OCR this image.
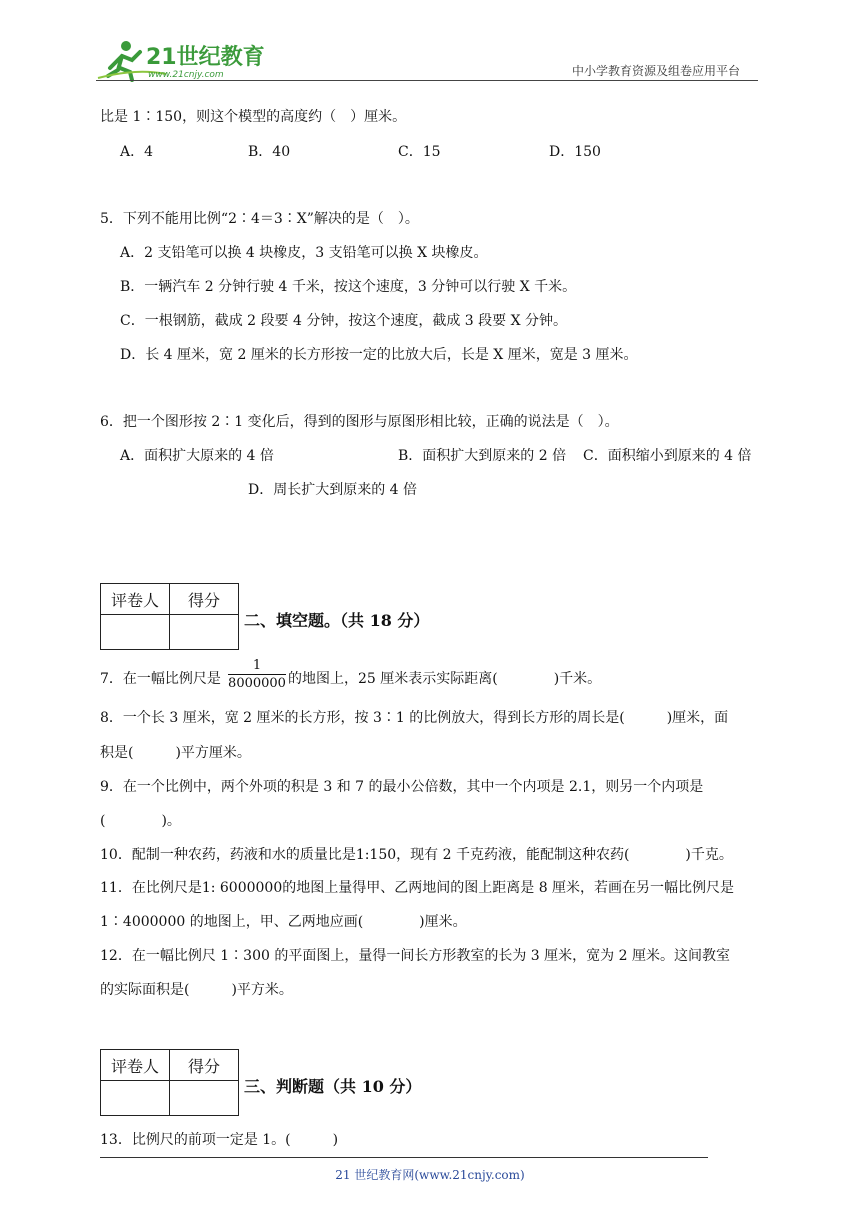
21世纪教育
www.21cnjy.com	中小学教育资源及组卷应用平台
比是 1∶150，则这个模型的高度约（　）厘米。
A．4	B．40	C．15	D．150
5．下列不能用比例“2∶4＝3∶X”解决的是（　）。
A．2 支铅笔可以换 4 块橡皮，3 支铅笔可以换 X 块橡皮。
B．一辆汽车 2 分钟行驶 4 千米，按这个速度，3 分钟可以行驶 X 千米。
C．一根钢筋，截成 2 段要 4 分钟，按这个速度，截成 3 段要 X 分钟。
D．长 4 厘米，宽 2 厘米的长方形按一定的比放大后，长是 X 厘米，宽是 3 厘米。
6．把一个图形按 2∶1 变化后，得到的图形与原图形相比较，正确的说法是（　）。
A．面积扩大原来的 4 倍	B．面积扩大到原来的 2 倍 C．面积缩小到原来的 4 倍
D．周长扩大到原来的 4 倍
评卷人	得分

二、填空题。（共 18 分）
7．在一幅比例尺是
1
8000000 的地图上，25 厘米表示实际距离(　　　　)千米。
8．一个长 3 厘米，宽 2 厘米的长方形，按 3∶1 的比例放大，得到长方形的周长是(　　　)厘米，面
积是(　　　)平方厘米。
9．在一个比例中，两个外项的积是 3 和 7 的最小公倍数，其中一个内项是 2.1，则另一个内项是
(　　　　)。
10．配制一种农药，药液和水的质量比是1:150，现有 2 千克药液，能配制这种农药(　　　　)千克。
11．在比例尺是1: 6000000的地图上量得甲、乙两地间的图上距离是 8 厘米，若画在另一幅比例尺是
1∶4000000 的地图上，甲、乙两地应画(　　　　)厘米。
12．在一幅比例尺 1∶300 的平面图上，量得一间长方形教室的长为 3 厘米，宽为 2 厘米。这间教室
的实际面积是(　　　)平方米。
评卷人	得分

三、判断题（共 10 分）
13．比例尺的前项一定是 1。(　　　)
21 世纪教育网(www.21cnjy.com)
